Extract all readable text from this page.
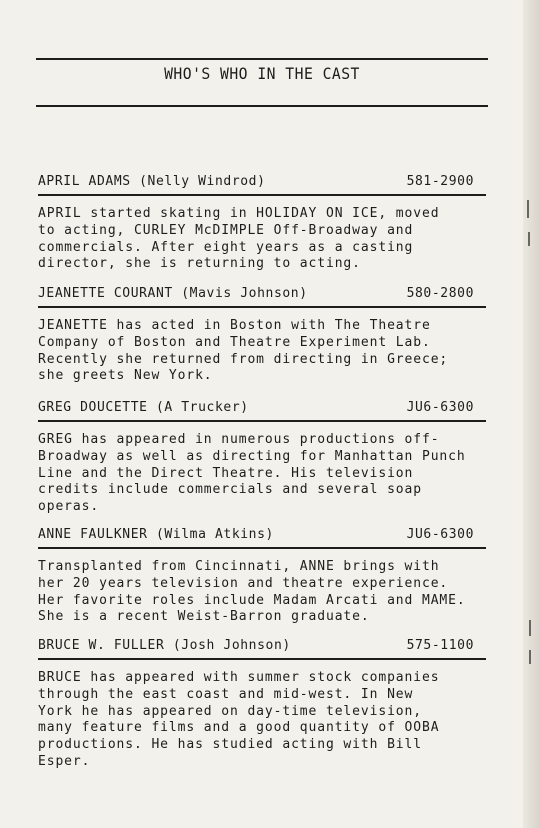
WHO'S WHO IN THE CAST
APRIL ADAMS (Nelly Windrod)	581-2900
APRIL started skating in HOLIDAY ON ICE, moved
to acting, CURLEY McDIMPLE Off-Broadway and
commercials. After eight years as a casting
director, she is returning to acting.
JEANETTE COURANT (Mavis Johnson)	580-2800
JEANETTE has acted in Boston with The Theatre
Company of Boston and Theatre Experiment Lab.
Recently she returned from directing in Greece;
she greets New York.
GREG DOUCETTE (A Trucker)	JU6-6300
GREG has appeared in numerous productions off-
Broadway as well as directing for Manhattan Punch
Line and the Direct Theatre. His television
credits include commercials and several soap
operas.
ANNE FAULKNER (Wilma Atkins)	JU6-6300
Transplanted from Cincinnati, ANNE brings with
her 20 years television and theatre experience.
Her favorite roles include Madam Arcati and MAME.
She is a recent Weist-Barron graduate.
BRUCE W. FULLER (Josh Johnson)	575-1100
BRUCE has appeared with summer stock companies
through the east coast and mid-west. In New
York he has appeared on day-time television,
many feature films and a good quantity of OOBA
productions. He has studied acting with Bill
Esper.
